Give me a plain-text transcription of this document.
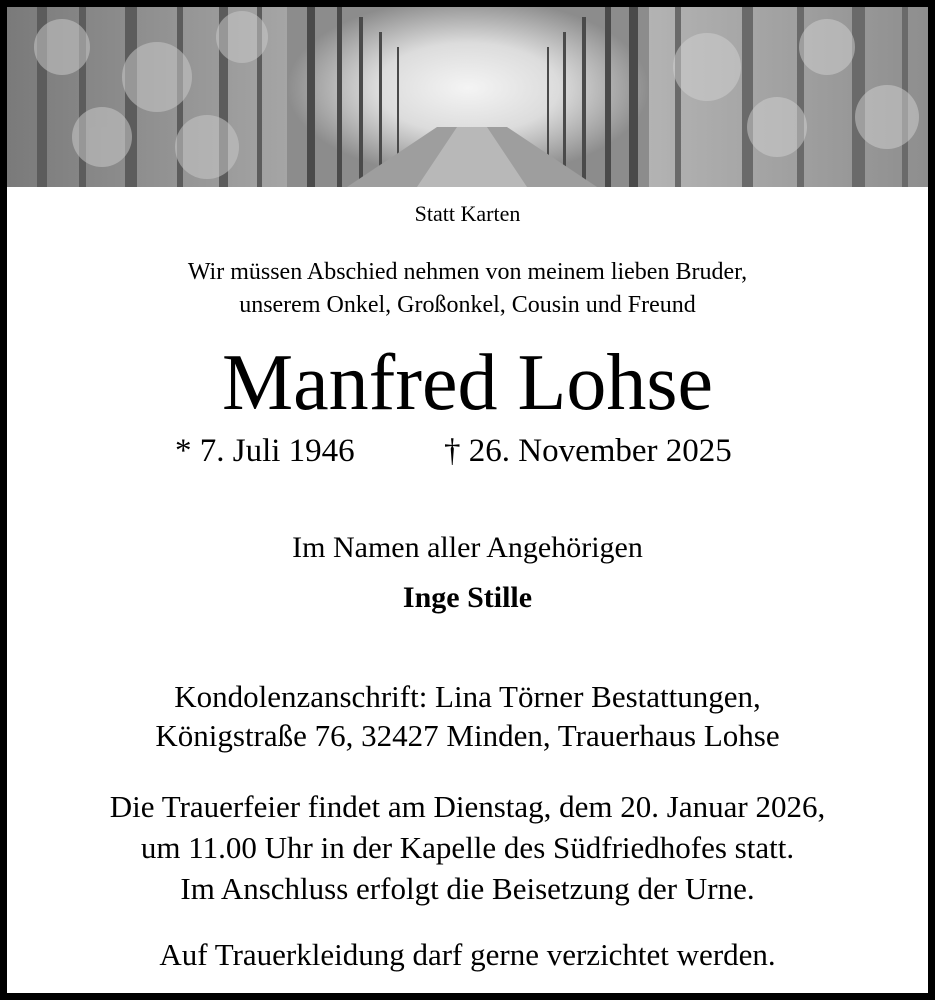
Statt Karten
Wir müssen Abschied nehmen von meinem lieben Bruder,
unserem Onkel, Großonkel, Cousin und Freund
Manfred Lohse
* 7. Juli 1946	† 26. November 2025
Im Namen aller Angehörigen
Inge Stille
Kondolenzanschrift: Lina Törner Bestattungen,
Königstraße 76, 32427 Minden, Trauerhaus Lohse
Die Trauerfeier findet am Dienstag, dem 20. Januar 2026,
um 11.00 Uhr in der Kapelle des Südfriedhofes statt.
Im Anschluss erfolgt die Beisetzung der Urne.
Auf Trauerkleidung darf gerne verzichtet werden.
